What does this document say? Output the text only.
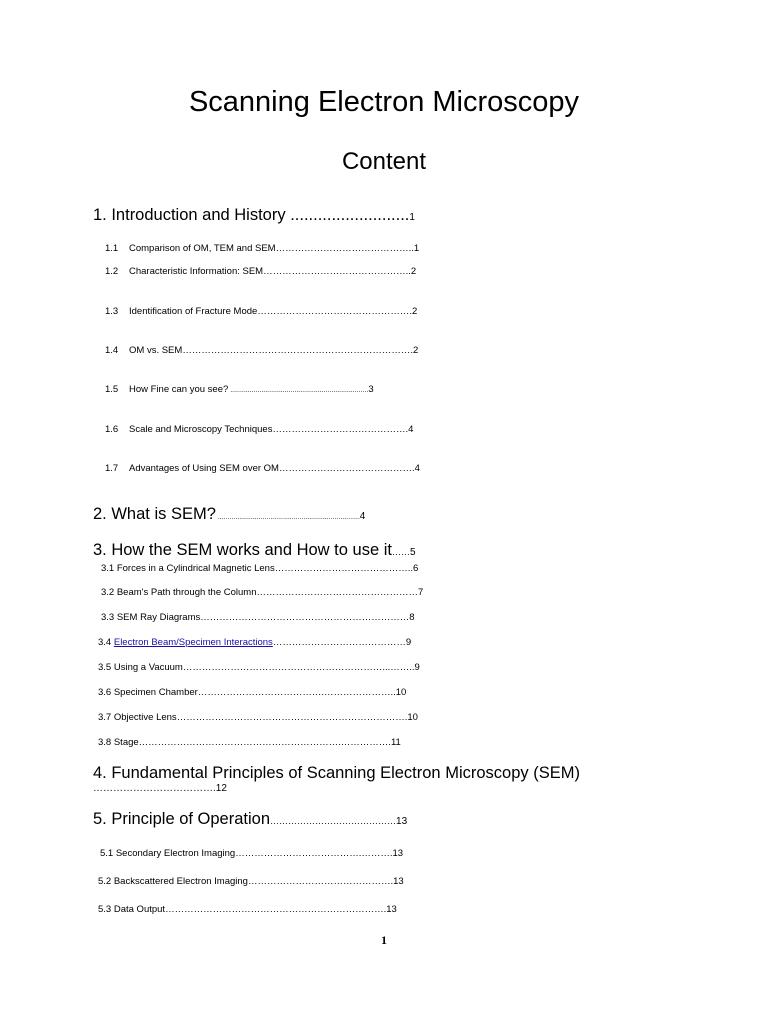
Scanning Electron Microscopy
Content
1. Introduction and History ..........................1
1.1 Comparison of OM, TEM and SEM……………………………………..1
1.2 Characteristic Information: SEM………………………………………..2
1.3 Identification of Fracture Mode………………………………………….2
1.4 OM vs. SEM……………………………………………………………….2
1.5 How Fine can you see? .......................................................................3
1.6 Scale and Microscopy Techniques…………………………………….4
1.7 Advantages of Using SEM over OM…………………………………….4
2. What is SEM? .........................................................................4
3. How the SEM works and How to use it……5
3.1 Forces in a Cylindrical Magnetic Lens……………………………………..6
3.2 Beam's Path through the Column……………………………………………7
3.3 SEM Ray Diagrams…………………………………………………………8
3.4 Electron Beam/Specimen Interactions……………………………………9
3.5 Using a Vacuum………………………………………………………...……..9
3.6 Specimen Chamber………………………………….…………………..10
3.7 Objective Lens……………………………………………………………….10
3.8 Stage……………………………………………………….…………….11
4. Fundamental Principles of Scanning Electron Microscopy (SEM)
……………………………….12
5. Principle of Operation……………………………………13
5.1 Secondary Electron Imaging………………………………….……….13
5.2 Backscattered Electron Imaging……………………………………….13
5.3 Data Output…………………………………………………………….13
1
